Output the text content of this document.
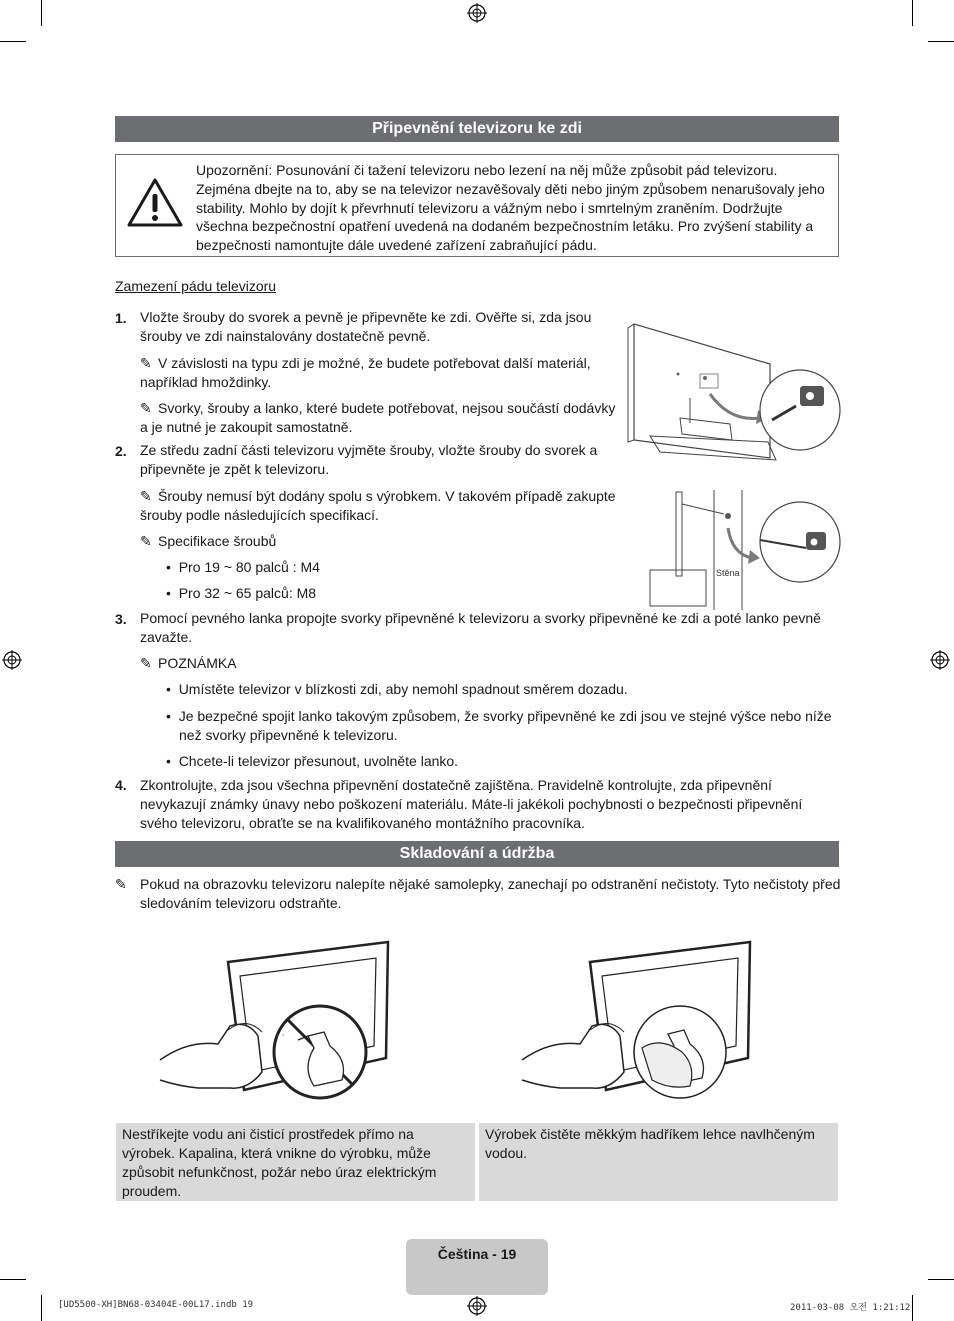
Připevnění televizoru ke zdi
Upozornění: Posunování či tažení televizoru nebo lezení na něj může způsobit pád televizoru. Zejména dbejte na to, aby se na televizor nezavěšovaly děti nebo jiným způsobem nenarušovaly jeho stability. Mohlo by dojít k převrhnutí televizoru a vážným nebo i smrtelným zraněním. Dodržujte všechna bezpečnostní opatření uvedená na dodaném bezpečnostním letáku. Pro zvýšení stability a bezpečnosti namontujte dále uvedené zařízení zabraňující pádu.
Zamezení pádu televizoru
1. Vložte šrouby do svorek a pevně je připevněte ke zdi. Ověřte si, zda jsou šrouby ve zdi nainstalovány dostatečně pevně.
✎ V závislosti na typu zdi je možné, že budete potřebovat další materiál, například hmoždinky.
✎ Svorky, šrouby a lanko, které budete potřebovat, nejsou součástí dodávky a je nutné je zakoupit samostatně.
2. Ze středu zadní části televizoru vyjměte šrouby, vložte šrouby do svorek a připevněte je zpět k televizoru.
✎ Šrouby nemusí být dodány spolu s výrobkem. V takovém případě zakupte šrouby podle následujících specifikací.
✎ Specifikace šroubů
•  Pro 19 ~ 80 palců : M4
•  Pro 32 ~ 65 palců: M8
Stěna
3. Pomocí pevného lanka propojte svorky připevněné k televizoru a svorky připevněné ke zdi a poté lanko pevně zavažte.
✎ POZNÁMKA
•  Umístěte televizor v blízkosti zdi, aby nemohl spadnout směrem dozadu.
•  Je bezpečné spojit lanko takovým způsobem, že svorky připevněné ke zdi jsou ve stejné výšce nebo níže než svorky připevněné k televizoru.
•  Chcete-li televizor přesunout, uvolněte lanko.
4. Zkontrolujte, zda jsou všechna připevnění dostatečně zajištěna. Pravidelně kontrolujte, zda připevnění nevykazují známky únavy nebo poškození materiálu. Máte-li jakékoli pochybnosti o bezpečnosti připevnění svého televizoru, obraťte se na kvalifikovaného montážního pracovníka.
Skladování a údržba
✎ Pokud na obrazovku televizoru nalepíte nějaké samolepky, zanechají po odstranění nečistoty. Tyto nečistoty před sledováním televizoru odstraňte.
· ·
Nestříkejte vodu ani čisticí prostředek přímo na výrobek. Kapalina, která vnikne do výrobku, může způsobit nefunkčnost, požár nebo úraz elektrickým proudem.
Výrobek čistěte měkkým hadříkem lehce navlhčeným vodou.
Čeština - 19
[UD5500-XH]BN68-03404E-00L17.indb 19	2011-03-08 오전 1:21:12
